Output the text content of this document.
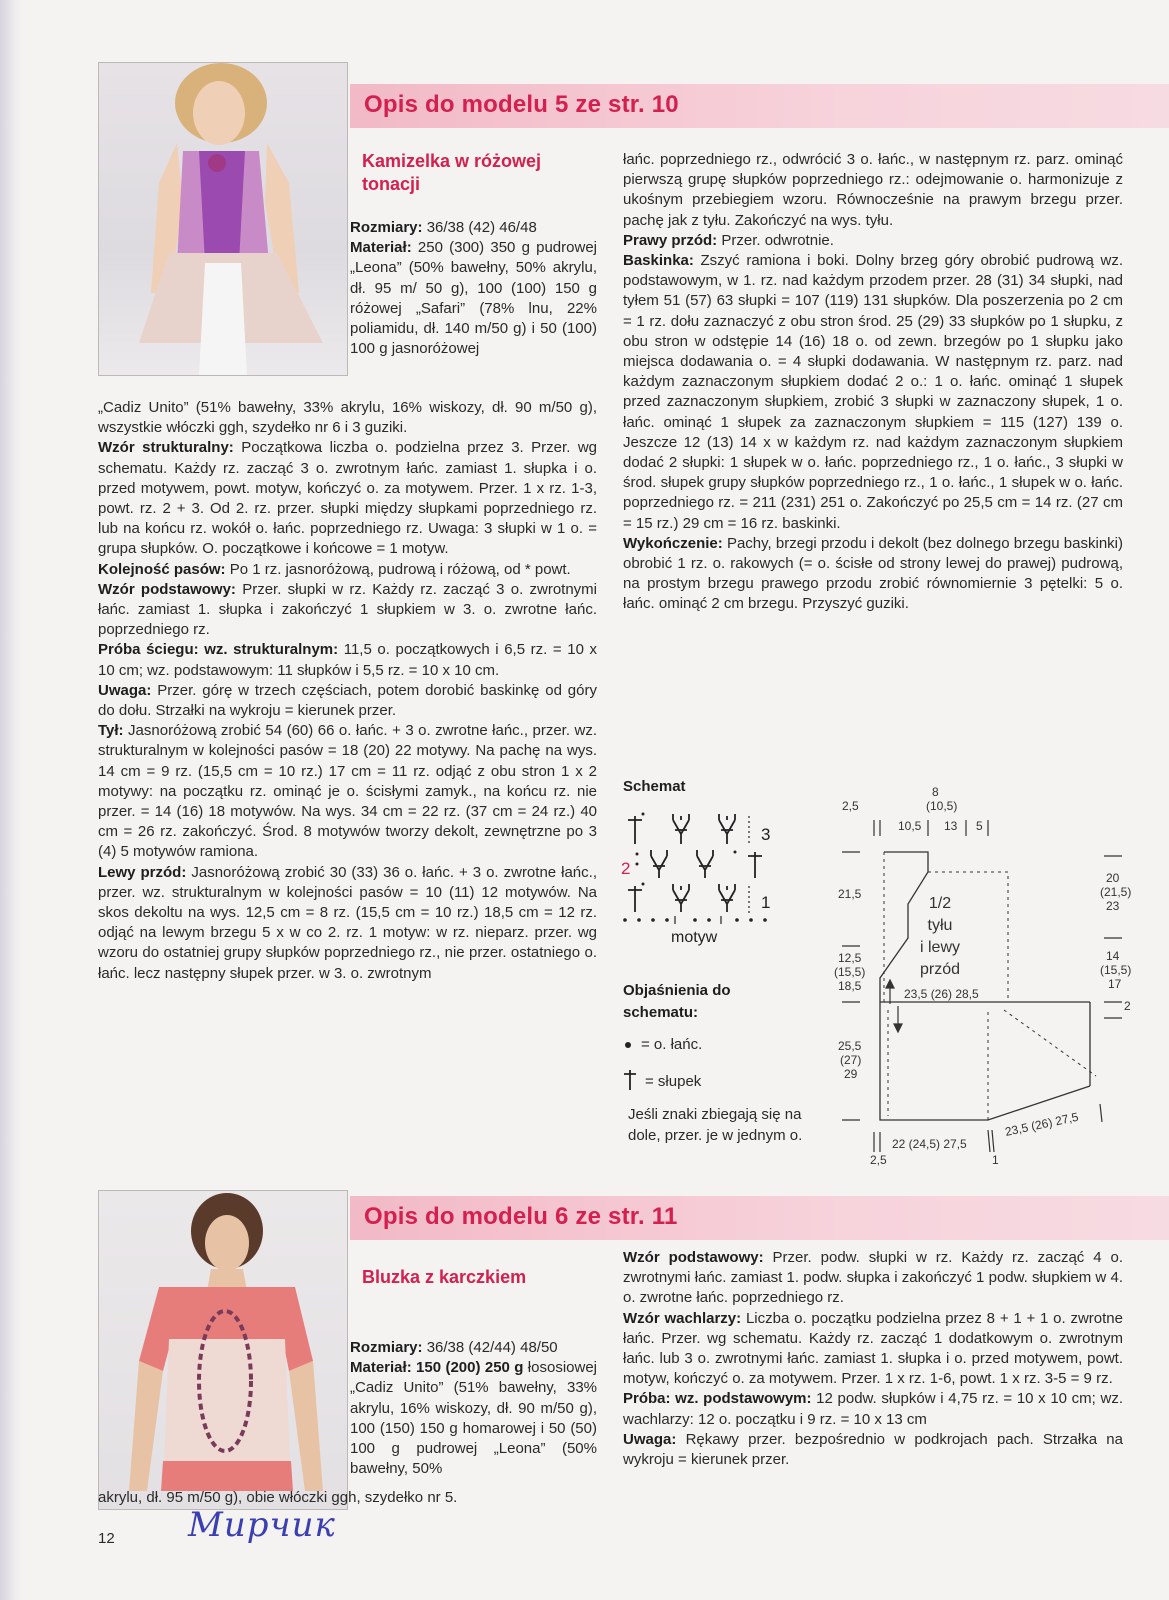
Opis do modelu 5 ze str. 10
Kamizelka w różowej tonacji

Rozmiary: 36/38 (42) 46/48

Materiał: 250 (300) 350 g pudrowej „Leona” (50% bawełny, 50% akrylu, dł. 95 m/ 50 g), 100 (100) 150 g różowej „Safari” (78% lnu, 22% poliamidu, dł. 140 m/50 g) i 50 (100) 100 g jasnoróżowej

„Cadiz Unito” (51% bawełny, 33% akrylu, 16% wiskozy, dł. 90 m/50 g), wszystkie włóczki ggh, szydełko nr 6 i 3 guziki.

Wzór strukturalny: Początkowa liczba o. podzielna przez 3. Przer. wg schematu. Każdy rz. zacząć 3 o. zwrotnym łańc. zamiast 1. słupka i o. przed motywem, powt. motyw, kończyć o. za motywem. Przer. 1 x rz. 1-3, powt. rz. 2 + 3. Od 2. rz. przer. słupki między słupkami poprzedniego rz. lub na końcu rz. wokół o. łańc. poprzedniego rz. Uwaga: 3 słupki w 1 o. = grupa słupków. O. początkowe i końcowe = 1 motyw.

Kolejność pasów: Po 1 rz. jasnoróżową, pudrową i różową, od * powt.

Wzór podstawowy: Przer. słupki w rz. Każdy rz. zacząć 3 o. zwrotnymi łańc. zamiast 1. słupka i zakończyć 1 słupkiem w 3. o. zwrotne łańc. poprzedniego rz.

Próba ściegu: wz. strukturalnym: 11,5 o. początkowych i 6,5 rz. = 10 x 10 cm; wz. podstawowym: 11 słupków i 5,5 rz. = 10 x 10 cm.

Uwaga: Przer. górę w trzech częściach, potem dorobić baskinkę od góry do dołu. Strzałki na wykroju = kierunek przer.

Tył: Jasnoróżową zrobić 54 (60) 66 o. łańc. + 3 o. zwrotne łańc., przer. wz. strukturalnym w kolejności pasów = 18 (20) 22 motywy. Na pachę na wys. 14 cm = 9 rz. (15,5 cm = 10 rz.) 17 cm = 11 rz. odjąć z obu stron 1 x 2 motywy: na początku rz. ominąć je o. ścisłymi zamyk., na końcu rz. nie przer. = 14 (16) 18 motywów. Na wys. 34 cm = 22 rz. (37 cm = 24 rz.) 40 cm = 26 rz. zakończyć. Środ. 8 motywów tworzy dekolt, zewnętrzne po 3 (4) 5 motywów ramiona.

Lewy przód: Jasnoróżową zrobić 30 (33) 36 o. łańc. + 3 o. zwrotne łańc., przer. wz. strukturalnym w kolejności pasów = 10 (11) 12 motywów. Na skos dekoltu na wys. 12,5 cm = 8 rz. (15,5 cm = 10 rz.) 18,5 cm = 12 rz. odjąć na lewym brzegu 5 x w co 2. rz. 1 motyw: w rz. nieparz. przer. wg wzoru do ostatniej grupy słupków poprzedniego rz., nie przer. ostatniego o. łańc. lecz następny słupek przer. w 3. o. zwrotnym

łańc. poprzedniego rz., odwrócić 3 o. łańc., w następnym rz. parz. ominąć pierwszą grupę słupków poprzedniego rz.: odejmowanie o. harmonizuje z ukośnym przebiegiem wzoru. Równocześnie na prawym brzegu przer. pachę jak z tyłu. Zakończyć na wys. tyłu.

Prawy przód: Przer. odwrotnie.

Baskinka: Zszyć ramiona i boki. Dolny brzeg góry obrobić pudrową wz. podstawowym, w 1. rz. nad każdym przodem przer. 28 (31) 34 słupki, nad tyłem 51 (57) 63 słupki = 107 (119) 131 słupków. Dla poszerzenia po 2 cm = 1 rz. dołu zaznaczyć z obu stron środ. 25 (29) 33 słupków po 1 słupku, z obu stron w odstępie 14 (16) 18 o. od zewn. brzegów po 1 słupku jako miejsca dodawania o. = 4 słupki dodawania. W następnym rz. parz. nad każdym zaznaczonym słupkiem dodać 2 o.: 1 o. łańc. ominąć 1 słupek przed zaznaczonym słupkiem, zrobić 3 słupki w zaznaczony słupek, 1 o. łańc. ominąć 1 słupek za zaznaczonym słupkiem = 115 (127) 139 o. Jeszcze 12 (13) 14 x w każdym rz. nad każdym zaznaczonym słupkiem dodać 2 słupki: 1 słupek w o. łańc. poprzedniego rz., 1 o. łańc., 3 słupki w środ. słupek grupy słupków poprzedniego rz., 1 o. łańc., 1 słupek w o. łańc. poprzedniego rz. = 211 (231) 251 o. Zakończyć po 25,5 cm = 14 rz. (27 cm = 15 rz.) 29 cm = 16 rz. baskinki.

Wykończenie: Pachy, brzegi przodu i dekolt (bez dolnego brzegu baskinki) obrobić 1 rz. o. rakowych (= o. ścisłe od strony lewej do prawej) pudrową, na prostym brzegu prawego przodu zrobić równomiernie 3 pętelki: 5 o. łańc. ominąć 2 cm brzegu. Przyszyć guziki.

Schemat
3
2
1
motyw
Objaśnienia do schematu:
= o. łańc.
= słupek
Jeśli znaki zbiegają się na dole, przer. je w jednym o.
8
(10,5)
2,5
10,5 13 5
21,5
12,5
(15,5)
18,5
25,5
(27)
29
20
(21,5)
23
14
(15,5)
17
2
23,5 (26) 28,5
22 (24,5) 27,5
2,5	1
23,5 (26) 27,5
1/2
tyłu
i lewy
przód
Opis do modelu 6 ze str. 11
Bluzka z karczkiem

Rozmiary: 36/38 (42/44) 48/50

Materiał: 150 (200) 250 g łososiowej „Cadiz Unito” (51% bawełny, 33% akrylu, 16% wiskozy, dł. 90 m/50 g), 100 (150) 150 g homarowej i 50 (50) 100 g pudrowej „Leona” (50% bawełny, 50%

akrylu, dł. 95 m/50 g), obie włóczki ggh, szydełko nr 5.

Wzór podstawowy: Przer. podw. słupki w rz. Każdy rz. zacząć 4 o. zwrotnymi łańc. zamiast 1. podw. słupka i zakończyć 1 podw. słupkiem w 4. o. zwrotne łańc. poprzedniego rz.

Wzór wachlarzy: Liczba o. początku podzielna przez 8 + 1 + 1 o. zwrotne łańc. Przer. wg schematu. Każdy rz. zacząć 1 dodatkowym o. zwrotnym łańc. lub 3 o. zwrotnymi łańc. zamiast 1. słupka i o. przed motywem, powt. motyw, kończyć o. za motywem. Przer. 1 x rz. 1-6, powt. 1 x rz. 3-5 = 9 rz.

Próba: wz. podstawowym: 12 podw. słupków i 4,75 rz. = 10 x 10 cm; wz. wachlarzy: 12 o. początku i 9 rz. = 10 x 13 cm

Uwaga: Rękawy przer. bezpośrednio w podkrojach pach. Strzałka na wykroju = kierunek przer.

12 Мирчик
